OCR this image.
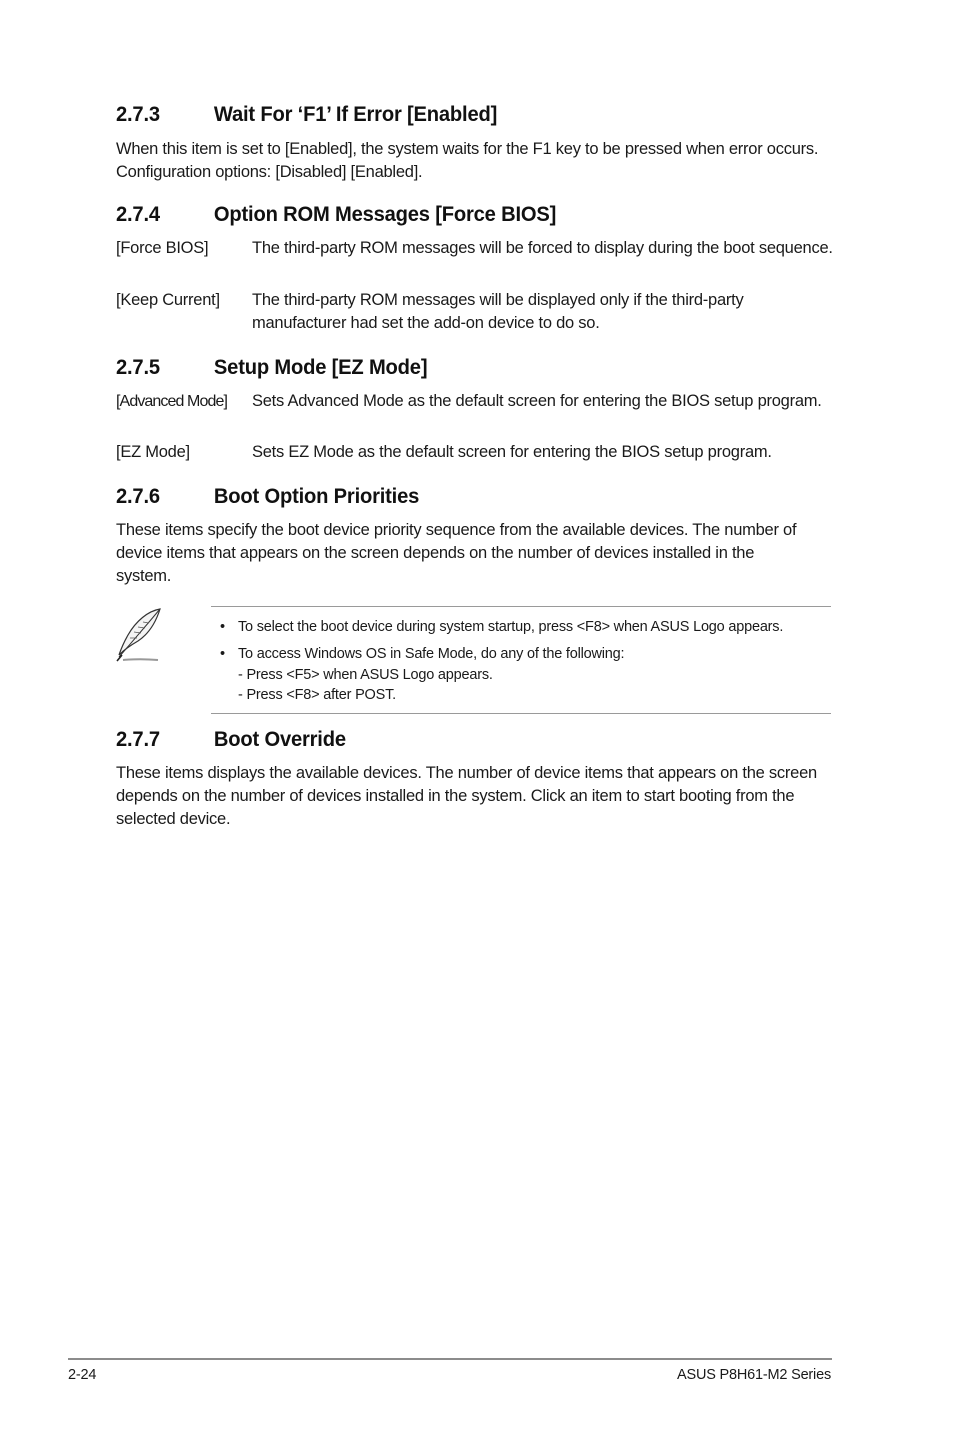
2.7.3	Wait For ‘F1’ If Error [Enabled]

When this item is set to [Enabled], the system waits for the F1 key to be pressed when error occurs. Configuration options: [Disabled] [Enabled].

2.7.4	Option ROM Messages [Force BIOS]
[Force BIOS]	The third-party ROM messages will be forced to display during the boot sequence.
[Keep Current] The third-party ROM messages will be displayed only if the third-party manufacturer had set the add-on device to do so.
2.7.5	Setup Mode [EZ Mode]
[Advanced Mode] Sets Advanced Mode as the default screen for entering the BIOS setup program.
[EZ Mode]	Sets EZ Mode as the default screen for entering the BIOS setup program.
2.7.6	Boot Option Priorities

These items specify the boot device priority sequence from the available devices. The number of device items that appears on the screen depends on the number of devices installed in the system.

• To select the boot device during system startup, press <F8> when ASUS Logo appears.
• To access Windows OS in Safe Mode, do any of the following:
- Press <F5> when ASUS Logo appears.
- Press <F8> after POST.
2.7.7	Boot Override

These items displays the available devices. The number of device items that appears on the screen depends on the number of devices installed in the system. Click an item to start booting from the selected device.

2-24	ASUS P8H61-M2 Series
